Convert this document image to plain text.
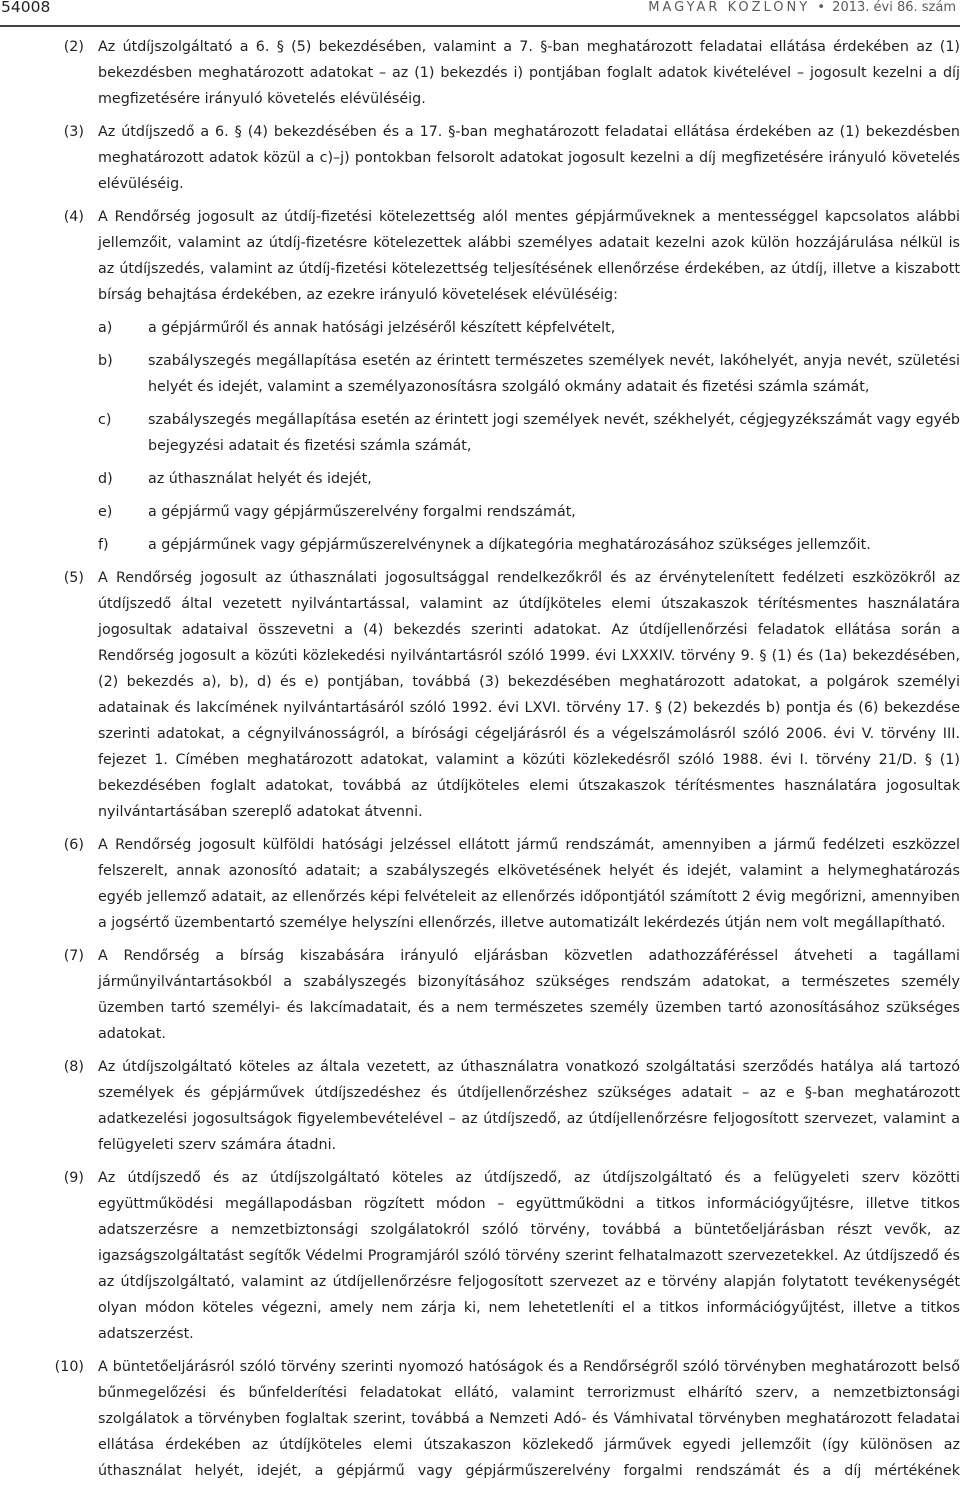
54008	MAGYAR KÖZLÖNY • 2013. évi 86. szám
(2) Az útdíjszolgáltató a 6. § (5) bekezdésében, valamint a 7. §-ban meghatározott feladatai ellátása érdekében az (1) bekezdésben meghatározott adatokat – az (1) bekezdés i) pontjában foglalt adatok kivételével – jogosult kezelni a díj megfizetésére irányuló követelés elévüléséig.
(3) Az útdíjszedő a 6. § (4) bekezdésében és a 17. §-ban meghatározott feladatai ellátása érdekében az (1) bekezdésben meghatározott adatok közül a c)–j) pontokban felsorolt adatokat jogosult kezelni a díj megfizetésére irányuló követelés elévüléséig.
(4) A Rendőrség jogosult az útdíj-fizetési kötelezettség alól mentes gépjárműveknek a mentességgel kapcsolatos alábbi jellemzőit, valamint az útdíj-fizetésre kötelezettek alábbi személyes adatait kezelni azok külön hozzájárulása nélkül is az útdíjszedés, valamint az útdíj-fizetési kötelezettség teljesítésének ellenőrzése érdekében, az útdíj, illetve a kiszabott bírság behajtása érdekében, az ezekre irányuló követelések elévüléséig:
a) a gépjárműről és annak hatósági jelzéséről készített képfelvételt,
b) szabályszegés megállapítása esetén az érintett természetes személyek nevét, lakóhelyét, anyja nevét, születési helyét és idejét, valamint a személyazonosításra szolgáló okmány adatait és fizetési számla számát,
c)	szabályszegés megállapítása esetén az érintett jogi személyek nevét, székhelyét, cégjegyzékszámát vagy egyéb bejegyzési adatait és fizetési számla számát,
d) az úthasználat helyét és idejét,
e) a gépjármű vagy gépjárműszerelvény forgalmi rendszámát,
f)	a gépjárműnek vagy gépjárműszerelvénynek a díjkategória meghatározásához szükséges jellemzőit.
(5) A Rendőrség jogosult az úthasználati jogosultsággal rendelkezőkről és az érvénytelenített fedélzeti eszközökről az útdíjszedő által vezetett nyilvántartással, valamint az útdíjköteles elemi útszakaszok térítésmentes használatára jogosultak adataival összevetni a (4) bekezdés szerinti adatokat. Az útdíjellenőrzési feladatok ellátása során a Rendőrség jogosult a közúti közlekedési nyilvántartásról szóló 1999. évi LXXXIV. törvény 9. § (1) és (1a) bekezdésében, (2) bekezdés a), b), d) és e) pontjában, továbbá (3) bekezdésében meghatározott adatokat, a polgárok személyi adatainak és lakcímének nyilvántartásáról szóló 1992. évi LXVI. törvény 17. § (2) bekezdés b) pontja és (6) bekezdése szerinti adatokat, a cégnyilvánosságról, a bírósági cégeljárásról és a végelszámolásról szóló 2006. évi V. törvény III. fejezet 1. Címében meghatározott adatokat, valamint a közúti közlekedésről szóló 1988. évi I. törvény 21/D. § (1) bekezdésében foglalt adatokat, továbbá az útdíjköteles elemi útszakaszok térítésmentes használatára jogosultak nyilvántartásában szereplő adatokat átvenni.
(6) A Rendőrség jogosult külföldi hatósági jelzéssel ellátott jármű rendszámát, amennyiben a jármű fedélzeti eszközzel felszerelt, annak azonosító adatait; a szabályszegés elkövetésének helyét és idejét, valamint a helymeghatározás egyéb jellemző adatait, az ellenőrzés képi felvételeit az ellenőrzés időpontjától számított 2 évig megőrizni, amennyiben a jogsértő üzembentartó személye helyszíni ellenőrzés, illetve automatizált lekérdezés útján nem volt megállapítható.
(7) A Rendőrség a bírság kiszabására irányuló eljárásban közvetlen adathozzáféréssel átveheti a tagállami járműnyilvántartásokból a szabályszegés bizonyításához szükséges rendszám adatokat, a természetes személy üzemben tartó személyi- és lakcímadatait, és a nem természetes személy üzemben tartó azonosításához szükséges adatokat.
(8) Az útdíjszolgáltató köteles az általa vezetett, az úthasználatra vonatkozó szolgáltatási szerződés hatálya alá tartozó személyek és gépjárművek útdíjszedéshez és útdíjellenőrzéshez szükséges adatait – az e §-ban meghatározott adatkezelési jogosultságok figyelembevételével – az útdíjszedő, az útdíjellenőrzésre feljogosított szervezet, valamint a felügyeleti szerv számára átadni.
(9) Az útdíjszedő és az útdíjszolgáltató köteles az útdíjszedő, az útdíjszolgáltató és a felügyeleti szerv közötti együttműködési megállapodásban rögzített módon – együttműködni a titkos információgyűjtésre, illetve titkos adatszerzésre a nemzetbiztonsági szolgálatokról szóló törvény, továbbá a büntetőeljárásban részt vevők, az igazságszolgáltatást segítők Védelmi Programjáról szóló törvény szerint felhatalmazott szervezetekkel. Az útdíjszedő és az útdíjszolgáltató, valamint az útdíjellenőrzésre feljogosított szervezet az e törvény alapján folytatott tevékenységét olyan módon köteles végezni, amely nem zárja ki, nem lehetetleníti el a titkos információgyűjtést, illetve a titkos adatszerzést.
(10) A büntetőeljárásról szóló törvény szerinti nyomozó hatóságok és a Rendőrségről szóló törvényben meghatározott belső bűnmegelőzési és bűnfelderítési feladatokat ellátó, valamint terrorizmust elhárító szerv, a nemzetbiztonsági szolgálatok a törvényben foglaltak szerint, továbbá a Nemzeti Adó- és Vámhivatal törvényben meghatározott feladatai ellátása érdekében az útdíjköteles elemi útszakaszon közlekedő járművek egyedi jellemzőit (így különösen az úthasználat helyét, idejét, a gépjármű vagy gépjárműszerelvény forgalmi rendszámát és a díj mértékének
